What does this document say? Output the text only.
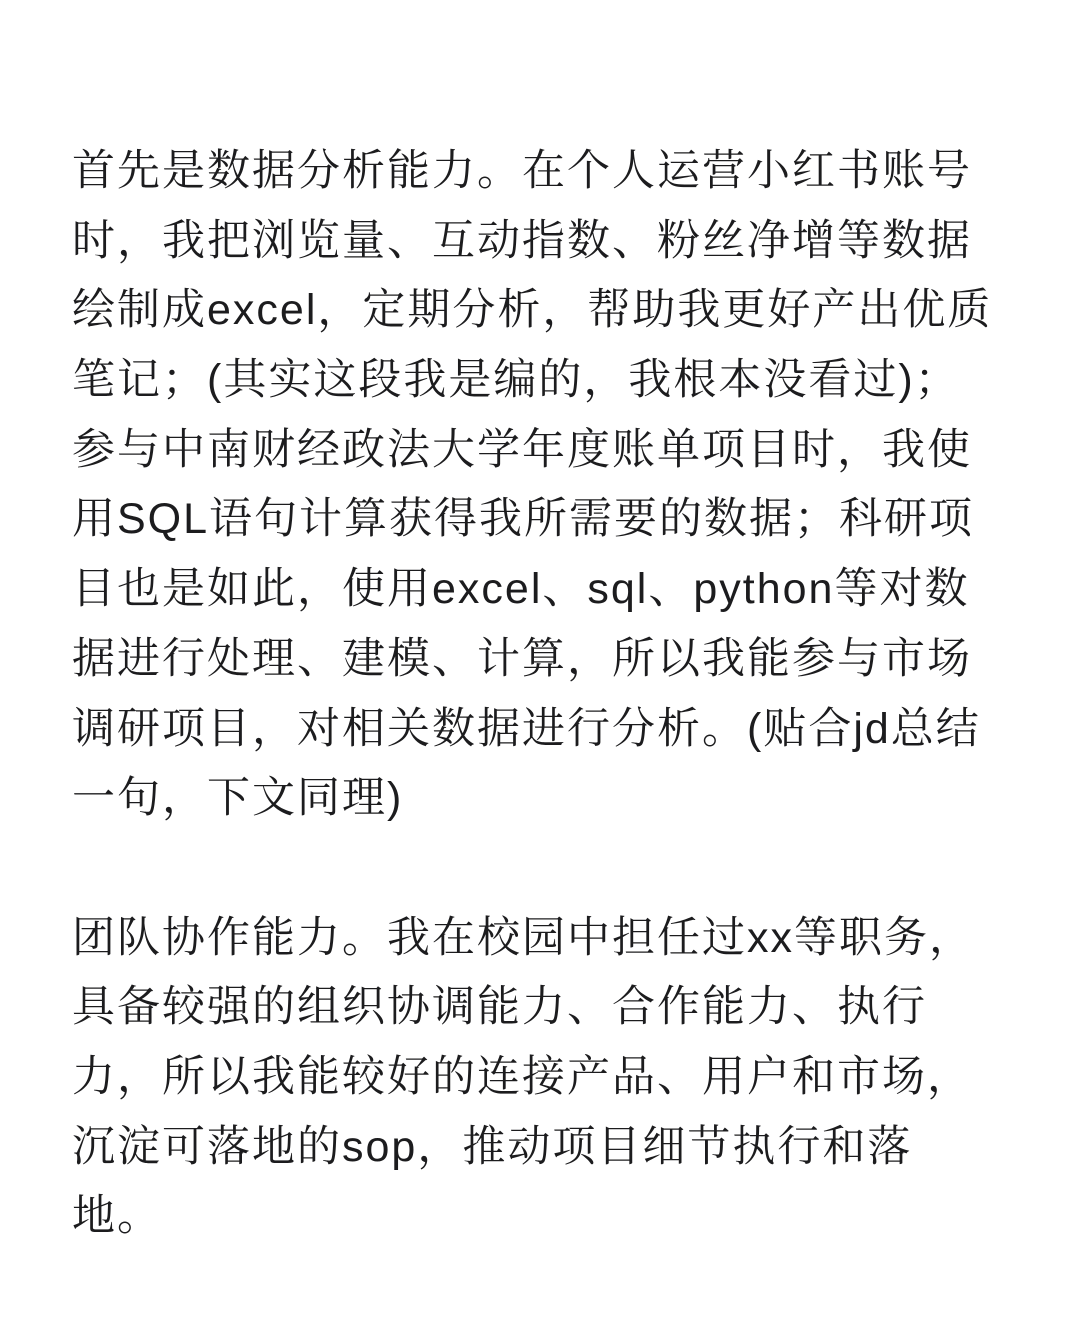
首先是数据分析能力。在个人运营小红书账号
时，我把浏览量、互动指数、粉丝净增等数据
绘制成excel，定期分析，帮助我更好产出优质
笔记；(其实这段我是编的，我根本没看过)；
参与中南财经政法大学年度账单项目时，我使
用SQL语句计算获得我所需要的数据；科研项
目也是如此，使用excel、sql、python等对数
据进行处理、建模、计算，所以我能参与市场
调研项目，对相关数据进行分析。(贴合jd总结
一句，下文同理)
团队协作能力。我在校园中担任过xx等职务，
具备较强的组织协调能力、合作能力、执行
力，所以我能较好的连接产品、用户和市场，
沉淀可落地的sop，推动项目细节执行和落
地。
